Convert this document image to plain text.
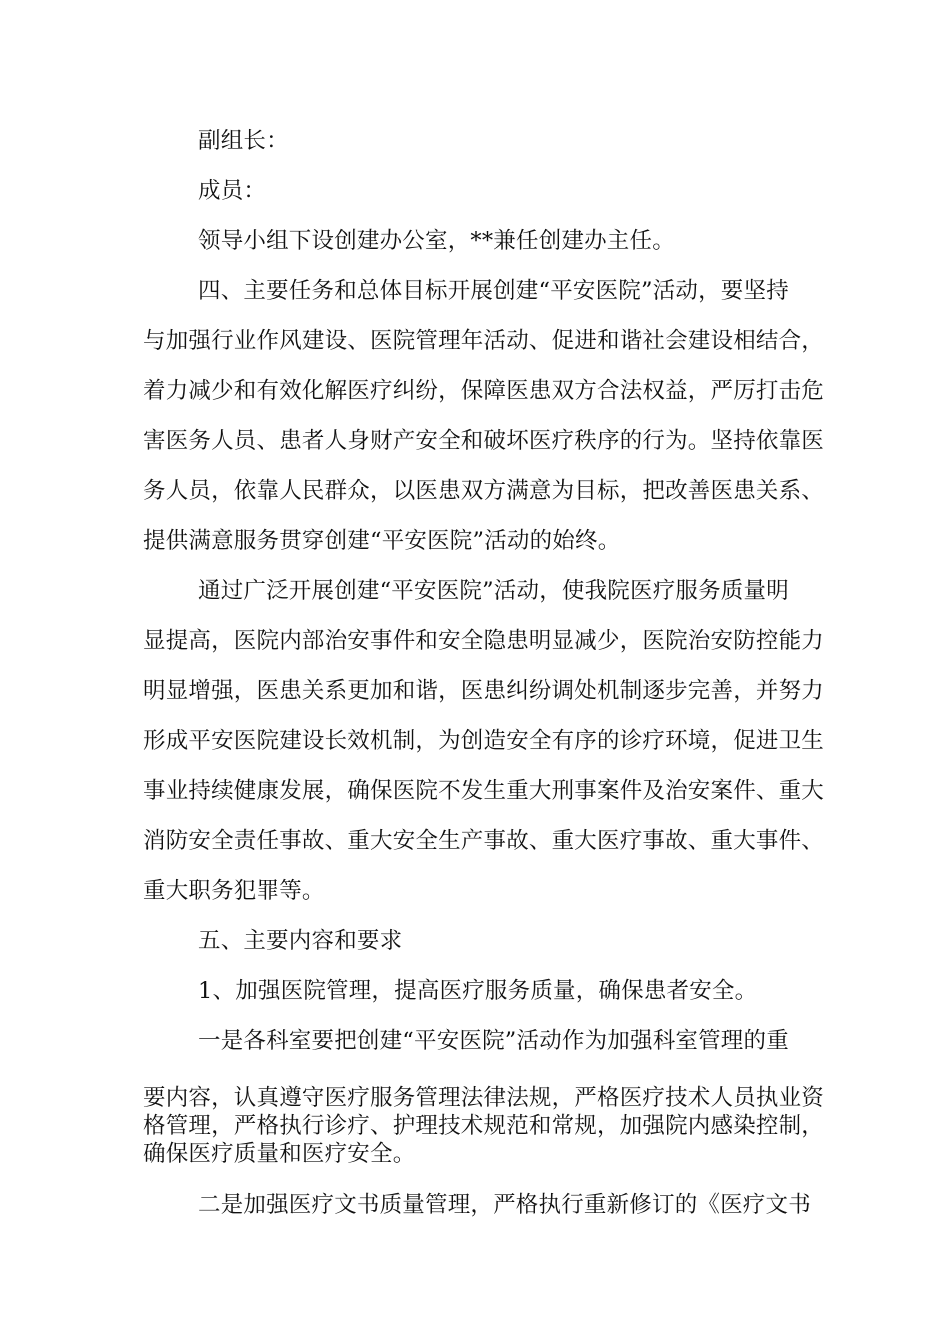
副组长：
成员：
领导小组下设创建办公室，**兼任创建办主任。
四、主要任务和总体目标开展创建“平安医院”活动，要坚持
与加强行业作风建设、医院管理年活动、促进和谐社会建设相结合，
着力减少和有效化解医疗纠纷，保障医患双方合法权益，严厉打击危
害医务人员、患者人身财产安全和破坏医疗秩序的行为。坚持依靠医
务人员，依靠人民群众，以医患双方满意为目标，把改善医患关系、
提供满意服务贯穿创建“平安医院”活动的始终。
通过广泛开展创建“平安医院”活动，使我院医疗服务质量明
显提高，医院内部治安事件和安全隐患明显减少，医院治安防控能力
明显增强，医患关系更加和谐，医患纠纷调处机制逐步完善，并努力
形成平安医院建设长效机制，为创造安全有序的诊疗环境，促进卫生
事业持续健康发展，确保医院不发生重大刑事案件及治安案件、重大
消防安全责任事故、重大安全生产事故、重大医疗事故、重大事件、
重大职务犯罪等。
五、主要内容和要求
1、加强医院管理，提高医疗服务质量，确保患者安全。
一是各科室要把创建“平安医院”活动作为加强科室管理的重
要内容，认真遵守医疗服务管理法律法规，严格医疗技术人员执业资
格管理，严格执行诊疗、护理技术规范和常规，加强院内感染控制，
确保医疗质量和医疗安全。
二是加强医疗文书质量管理，严格执行重新修订的《医疗文书
